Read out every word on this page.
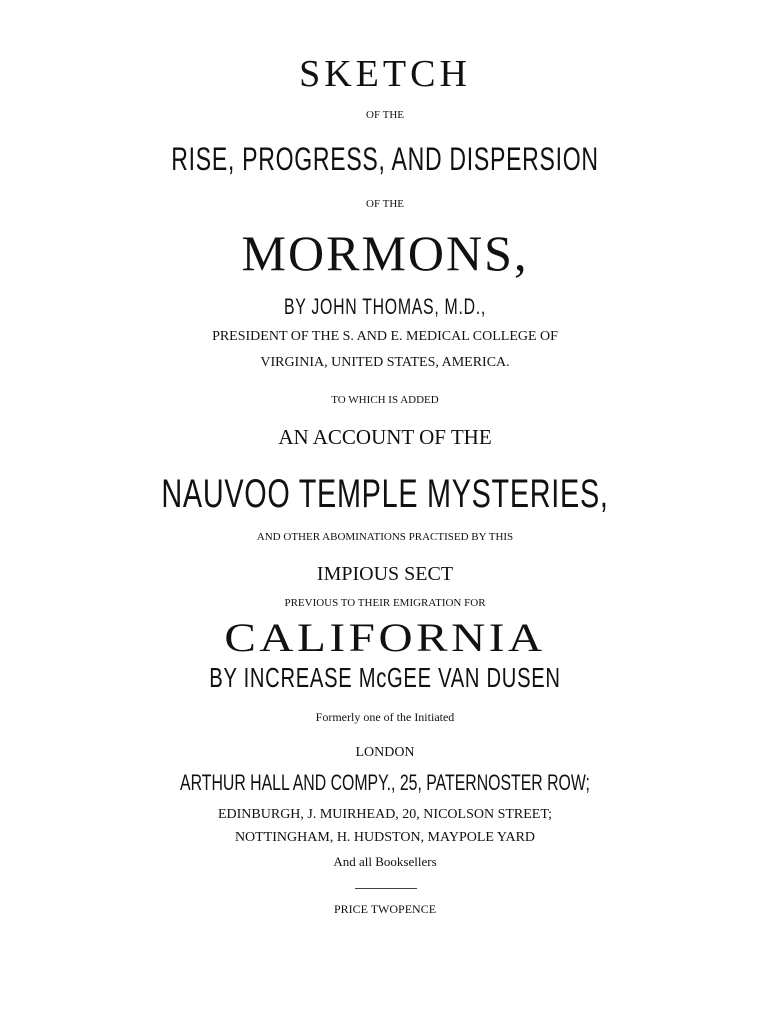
SKETCH
OF THE
RISE, PROGRESS, AND DISPERSION
OF THE
MORMONS,
BY JOHN THOMAS, M.D.,
PRESIDENT OF THE S. AND E. MEDICAL COLLEGE OF
VIRGINIA, UNITED STATES, AMERICA.
TO WHICH IS ADDED
AN ACCOUNT OF THE
NAUVOO TEMPLE MYSTERIES,
AND OTHER ABOMINATIONS PRACTISED BY THIS
IMPIOUS SECT
PREVIOUS TO THEIR EMIGRATION FOR
CALIFORNIA
BY INCREASE McGEE VAN DUSEN
Formerly one of the Initiated
LONDON
ARTHUR HALL AND COMPY., 25, PATERNOSTER ROW;
EDINBURGH, J. MUIRHEAD, 20, NICOLSON STREET;
NOTTINGHAM, H. HUDSTON, MAYPOLE YARD
And all Booksellers
PRICE TWOPENCE
